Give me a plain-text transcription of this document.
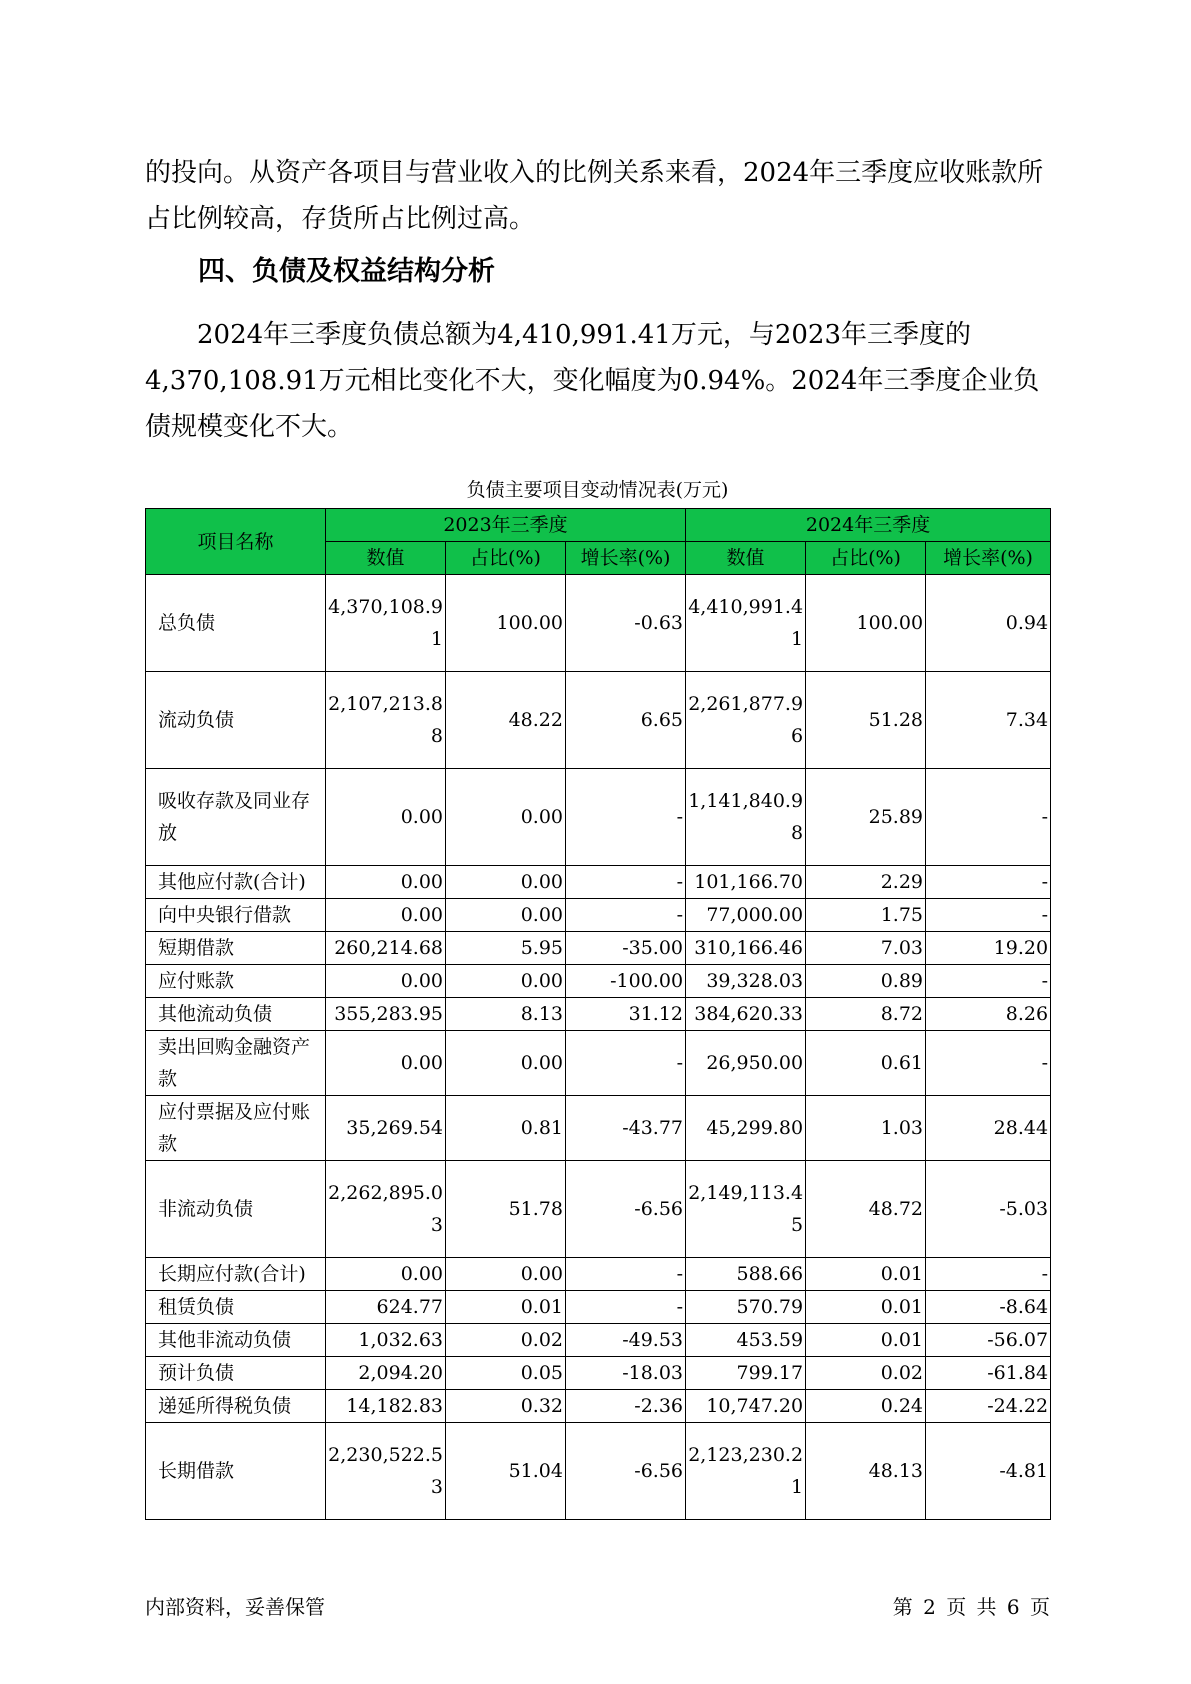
的投向。从资产各项目与营业收入的比例关系来看，2024年三季度应收账款所占比例较高，存货所占比例过高。

四、负债及权益结构分析

2024年三季度负债总额为4,410,991.41万元，与2023年三季度的4,370,108.91万元相比变化不大，变化幅度为0.94%。2024年三季度企业负债规模变化不大。

负债主要项目变动情况表(万元)

项目名称	2023年三季度			2024年三季度		
	数值	占比(%)	增长率(%)	数值	占比(%)	增长率(%)
总负债	4,370,108.91	100.00	-0.63	4,410,991.41	100.00	0.94
流动负债	2,107,213.88	48.22	6.65	2,261,877.96	51.28	7.34
吸收存款及同业存放	0.00	0.00	-	1,141,840.98	25.89	-
其他应付款(合计)	0.00	0.00	-	101,166.70	2.29	-
向中央银行借款	0.00	0.00	-	77,000.00	1.75	-
短期借款	260,214.68	5.95	-35.00	310,166.46	7.03	19.20
应付账款	0.00	0.00	-100.00	39,328.03	0.89	-
其他流动负债	355,283.95	8.13	31.12	384,620.33	8.72	8.26
卖出回购金融资产款	0.00	0.00	-	26,950.00	0.61	-
应付票据及应付账款	35,269.54	0.81	-43.77	45,299.80	1.03	28.44
非流动负债	2,262,895.03	51.78	-6.56	2,149,113.45	48.72	-5.03
长期应付款(合计)	0.00	0.00	-	588.66	0.01	-
租赁负债	624.77	0.01	-	570.79	0.01	-8.64
其他非流动负债	1,032.63	0.02	-49.53	453.59	0.01	-56.07
预计负债	2,094.20	0.05	-18.03	799.17	0.02	-61.84
递延所得税负债	14,182.83	0.32	-2.36	10,747.20	0.24	-24.22
长期借款	2,230,522.53	51.04	-6.56	2,123,230.21	48.13	-4.81

内部资料，妥善保管	第 2 页 共 6 页
